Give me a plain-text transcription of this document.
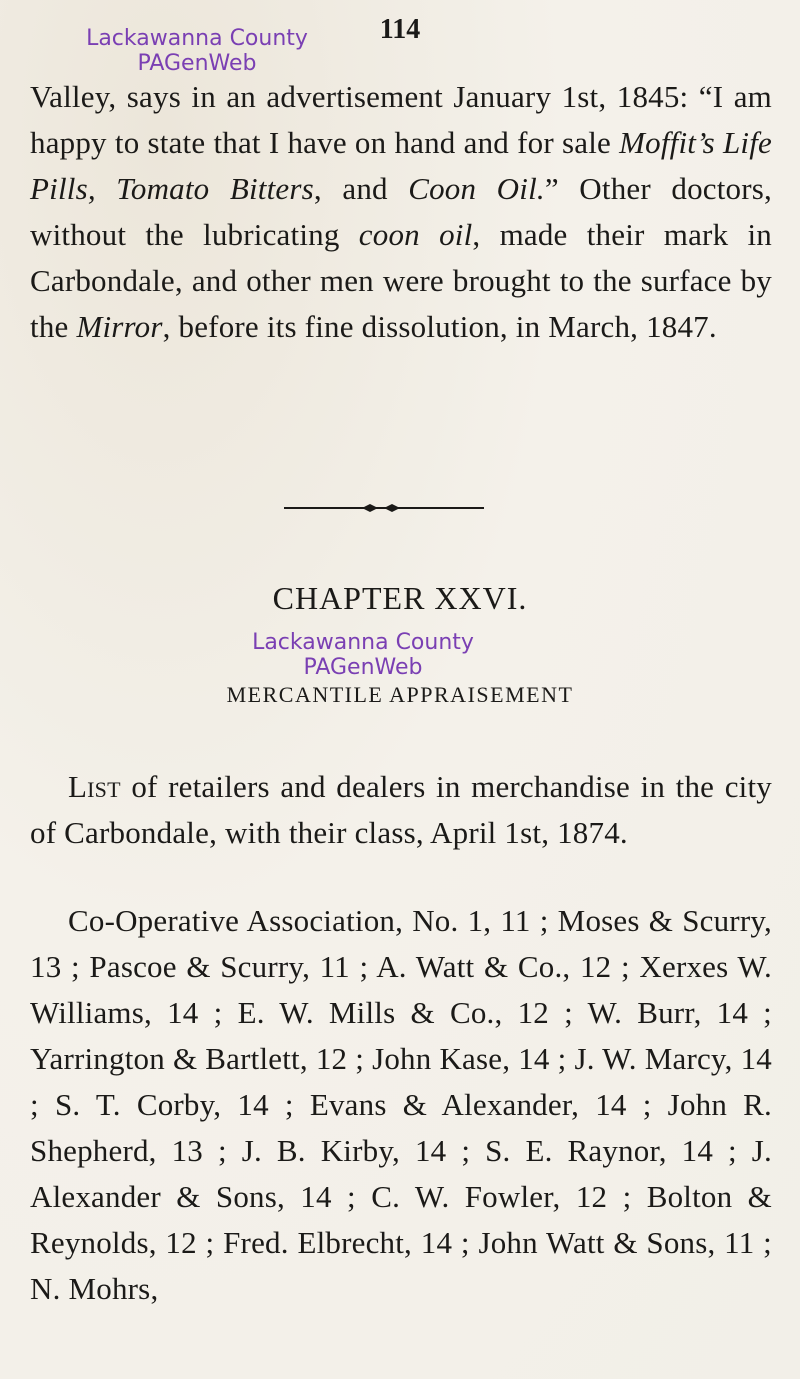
Lackawanna County
PAGenWeb
114
Valley, says in an advertisement January 1st, 1845: “I am happy to state that I have on hand and for sale Moffit’s Life Pills, Tomato Bitters, and Coon Oil.” Other doctors, without the lubricating coon oil, made their mark in Carbondale, and other men were brought to the surface by the Mirror, before its fine dissolution, in March, 1847.
CHAPTER XXVI.
Lackawanna County
PAGenWeb
MERCANTILE APPRAISEMENT
List of retailers and dealers in merchandise in the city of Carbondale, with their class, April 1st, 1874.
Co-Operative Association, No. 1, 11 ; Moses & Scurry, 13 ; Pascoe & Scurry, 11 ; A. Watt & Co., 12 ; Xerxes W. Williams, 14 ; E. W. Mills & Co., 12 ; W. Burr, 14 ; Yarrington & Bartlett, 12 ; John Kase, 14 ; J. W. Marcy, 14 ; S. T. Corby, 14 ; Evans & Alexander, 14 ; John R. Shepherd, 13 ; J. B. Kirby, 14 ; S. E. Raynor, 14 ; J. Alexander & Sons, 14 ; C. W. Fowler, 12 ; Bolton & Reynolds, 12 ; Fred. Elbrecht, 14 ; John Watt & Sons, 11 ; N. Mohrs,
